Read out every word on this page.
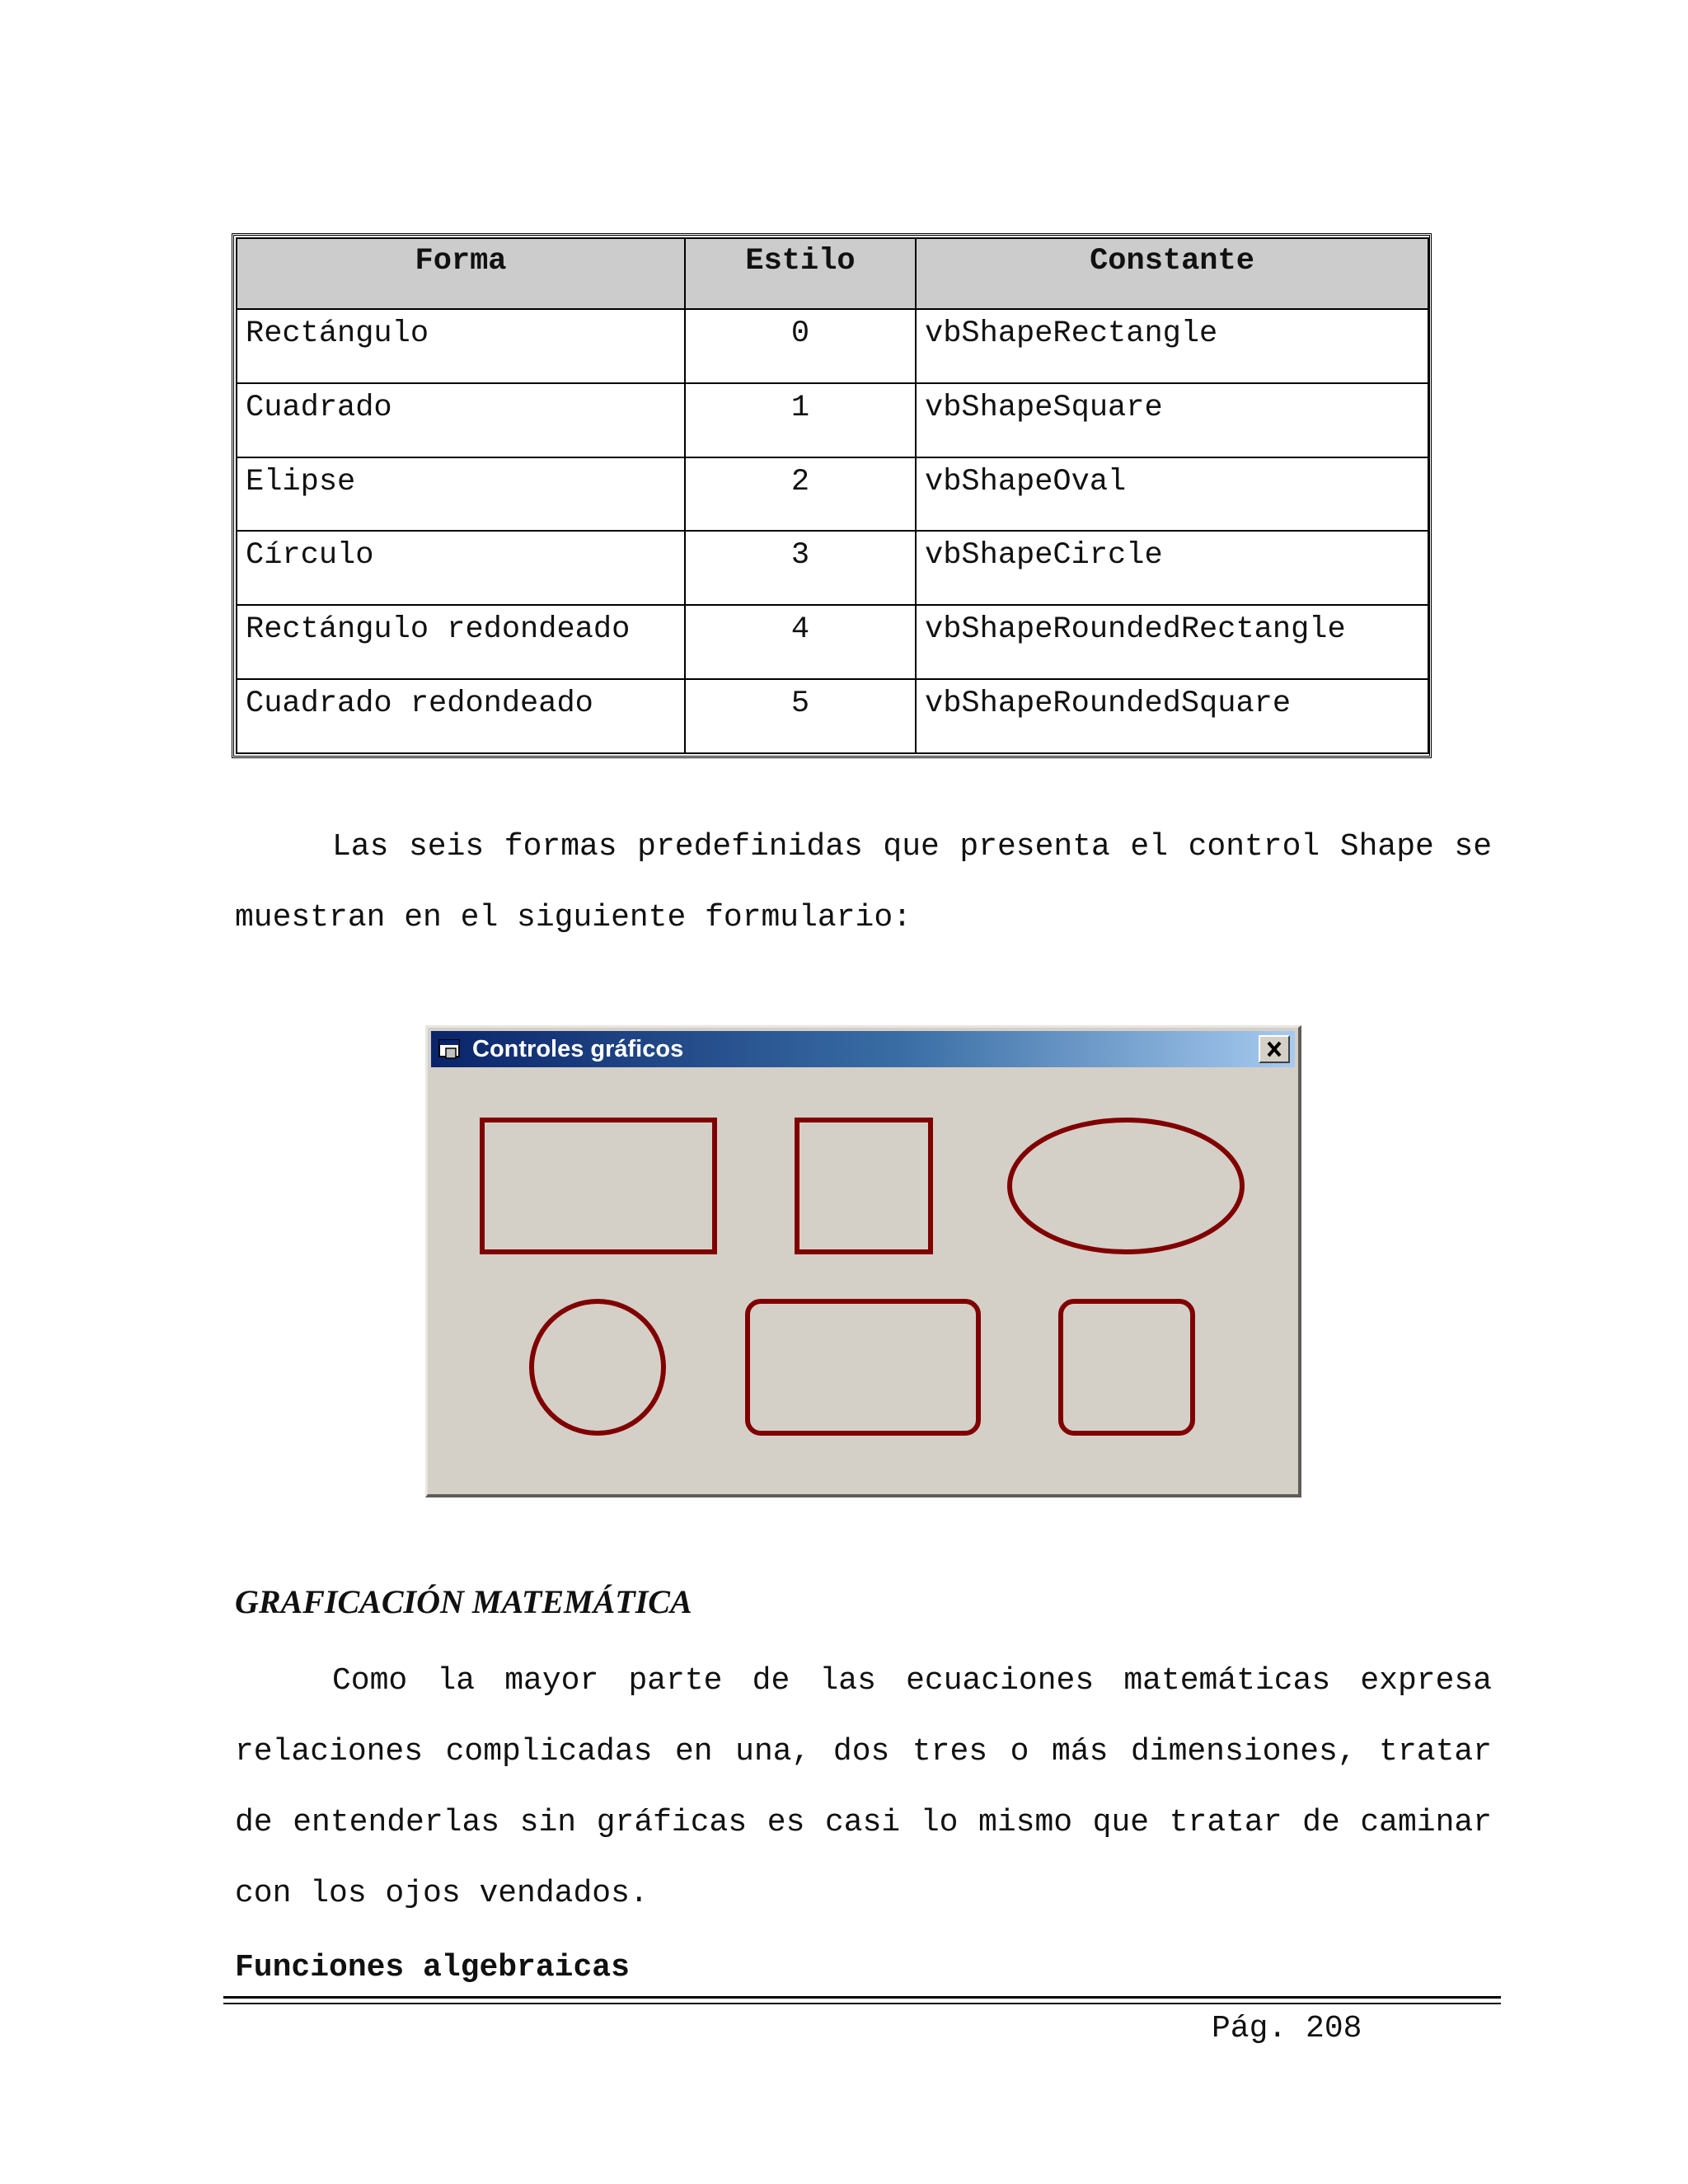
Forma	Estilo	Constante
Rectángulo	0	vbShapeRectangle
Cuadrado	1	vbShapeSquare
Elipse	2	vbShapeOval
Círculo	3	vbShapeCircle
Rectángulo redondeado	4	vbShapeRoundedRectangle
Cuadrado redondeado	5	vbShapeRoundedSquare

Las seis formas predefinidas que presenta el control Shape se muestran en el siguiente formulario:

Controles gráficos

GRAFICACIÓN MATEMÁTICA

Como la mayor parte de las ecuaciones matemáticas expresa relaciones complicadas en una, dos tres o más dimensiones, tratar de entenderlas sin gráficas es casi lo mismo que tratar de caminar con los ojos vendados.

Funciones algebraicas

Pág. 208
